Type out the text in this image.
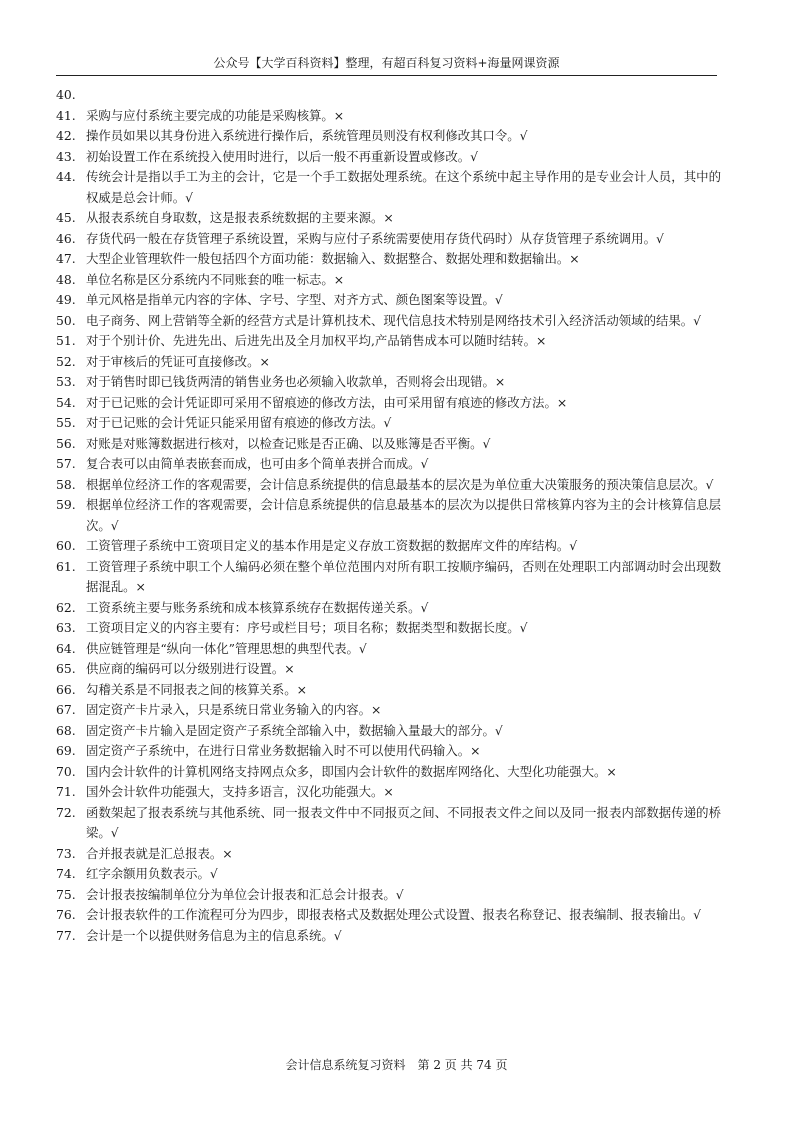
公众号【大学百科资料】整理，有超百科复习资料+海量网课资源
40.
41. 采购与应付系统主要完成的功能是采购核算。×
42. 操作员如果以其身份进入系统进行操作后，系统管理员则没有权利修改其口令。√
43. 初始设置工作在系统投入使用时进行，以后一般不再重新设置或修改。√
44. 传统会计是指以手工为主的会计，它是一个手工数据处理系统。在这个系统中起主导作用的是专业会计人员，其中的权威是总会计师。√
45. 从报表系统自身取数，这是报表系统数据的主要来源。×
46. 存货代码一般在存货管理子系统设置，采购与应付子系统需要使用存货代码时）从存货管理子系统调用。√
47. 大型企业管理软件一般包括四个方面功能：数据输入、数据整合、数据处理和数据输出。×
48. 单位名称是区分系统内不同账套的唯一标志。×
49. 单元风格是指单元内容的字体、字号、字型、对齐方式、颜色图案等设置。√
50. 电子商务、网上营销等全新的经营方式是计算机技术、现代信息技术特别是网络技术引入经济活动领域的结果。√
51. 对于个别计价、先进先出、后进先出及全月加权平均,产品销售成本可以随时结转。×
52. 对于审核后的凭证可直接修改。×
53. 对于销售时即已钱货两清的销售业务也必须输入收款单，否则将会出现错。×
54. 对于已记账的会计凭证即可采用不留痕迹的修改方法，由可采用留有痕迹的修改方法。×
55. 对于已记账的会计凭证只能采用留有痕迹的修改方法。√
56. 对账是对账簿数据进行核对，以检查记账是否正确、以及账簿是否平衡。√
57. 复合表可以由简单表嵌套而成，也可由多个简单表拼合而成。√
58. 根据单位经济工作的客观需要，会计信息系统提供的信息最基本的层次是为单位重大决策服务的预决策信息层次。√
59. 根据单位经济工作的客观需要，会计信息系统提供的信息最基本的层次为以提供日常核算内容为主的会计核算信息层次。√
60. 工资管理子系统中工资项目定义的基本作用是定义存放工资数据的数据库文件的库结构。√
61. 工资管理子系统中职工个人编码必须在整个单位范围内对所有职工按顺序编码，否则在处理职工内部调动时会出现数据混乱。×
62. 工资系统主要与账务系统和成本核算系统存在数据传递关系。√
63. 工资项目定义的内容主要有：序号或栏目号；项目名称；数据类型和数据长度。√
64. 供应链管理是“纵向一体化”管理思想的典型代表。√
65. 供应商的编码可以分级别进行设置。×
66. 勾稽关系是不同报表之间的核算关系。×
67. 固定资产卡片录入，只是系统日常业务输入的内容。×
68. 固定资产卡片输入是固定资产子系统全部输入中，数据输入量最大的部分。√
69. 固定资产子系统中，在进行日常业务数据输入时不可以使用代码输入。×
70. 国内会计软件的计算机网络支持网点众多，即国内会计软件的数据库网络化、大型化功能强大。×
71. 国外会计软件功能强大，支持多语言，汉化功能强大。×
72. 函数架起了报表系统与其他系统、同一报表文件中不同报页之间、不同报表文件之间以及同一报表内部数据传递的桥梁。√
73. 合并报表就是汇总报表。×
74. 红字余额用负数表示。√
75. 会计报表按编制单位分为单位会计报表和汇总会计报表。√
76. 会计报表软件的工作流程可分为四步，即报表格式及数据处理公式设置、报表名称登记、报表编制、报表输出。√
77. 会计是一个以提供财务信息为主的信息系统。√
会计信息系统复习资料　第 2 页 共 74 页
